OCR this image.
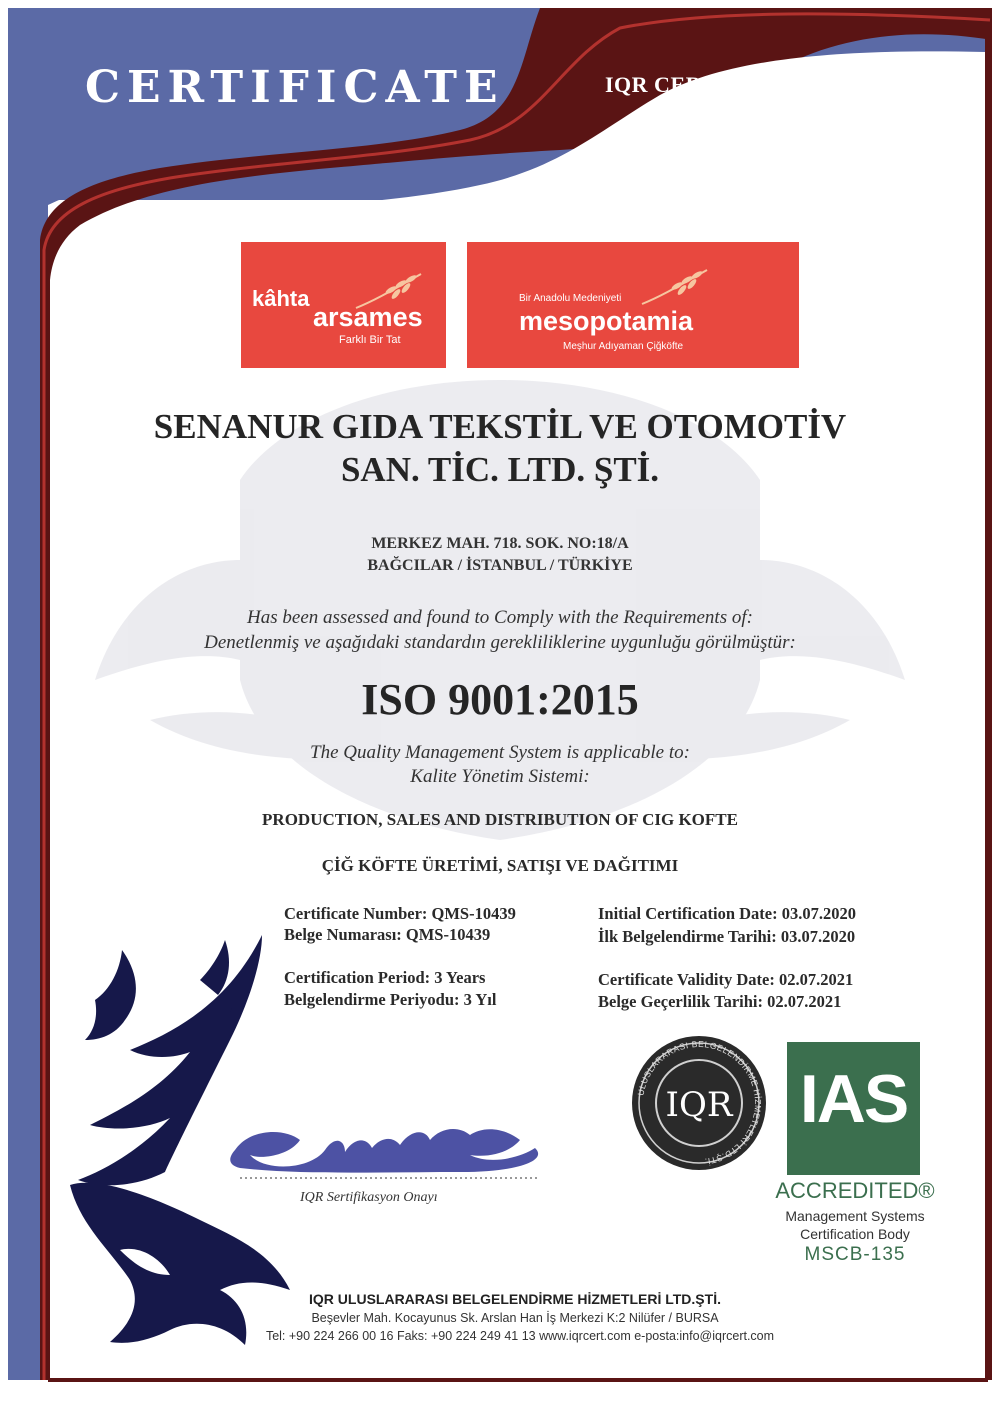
IQR
ULUSLARARASI BELGELENDİRME HİZMETLERİ LTD.ŞTİ.
CERTIFICATE	IQR CERTIFICATION
kâhta
arsames
Farklı Bir Tat
Bir Anadolu Medeniyeti
mesopotamia
Meşhur Adıyaman Çiğköfte
SENANUR GIDA TEKSTİL VE OTOMOTİV
SAN. TİC. LTD. ŞTİ.
MERKEZ MAH. 718. SOK. NO:18/A
BAĞCILAR / İSTANBUL / TÜRKİYE
Has been assessed and found to Comply with the Requirements of:
Denetlenmiş ve aşağıdaki standardın gerekliliklerine uygunluğu görülmüştür:
ISO 9001:2015
The Quality Management System is applicable to:
Kalite Yönetim Sistemi:
PRODUCTION, SALES AND DISTRIBUTION OF CIG KOFTE
ÇİĞ KÖFTE ÜRETİMİ, SATIŞI VE DAĞITIMI
Certificate Number: QMS-10439
Belge Numarası: QMS-10439
Initial Certification Date: 03.07.2020
İlk Belgelendirme Tarihi: 03.07.2020
Certification Period: 3 Years
Belgelendirme Periyodu: 3 Yıl
Certificate Validity Date: 02.07.2021
Belge Geçerlilik Tarihi: 02.07.2021
IQR Sertifikasyon Onayı
IAS
ACCREDITED®
Management Systems
Certification Body
MSCB-135
IQR ULUSLARARASI BELGELENDİRME HİZMETLERİ LTD.ŞTİ.
Beşevler Mah. Kocayunus Sk. Arslan Han İş Merkezi K:2 Nilüfer / BURSA
Tel: +90 224 266 00 16 Faks: +90 224 249 41 13 www.iqrcert.com e-posta:info@iqrcert.com
